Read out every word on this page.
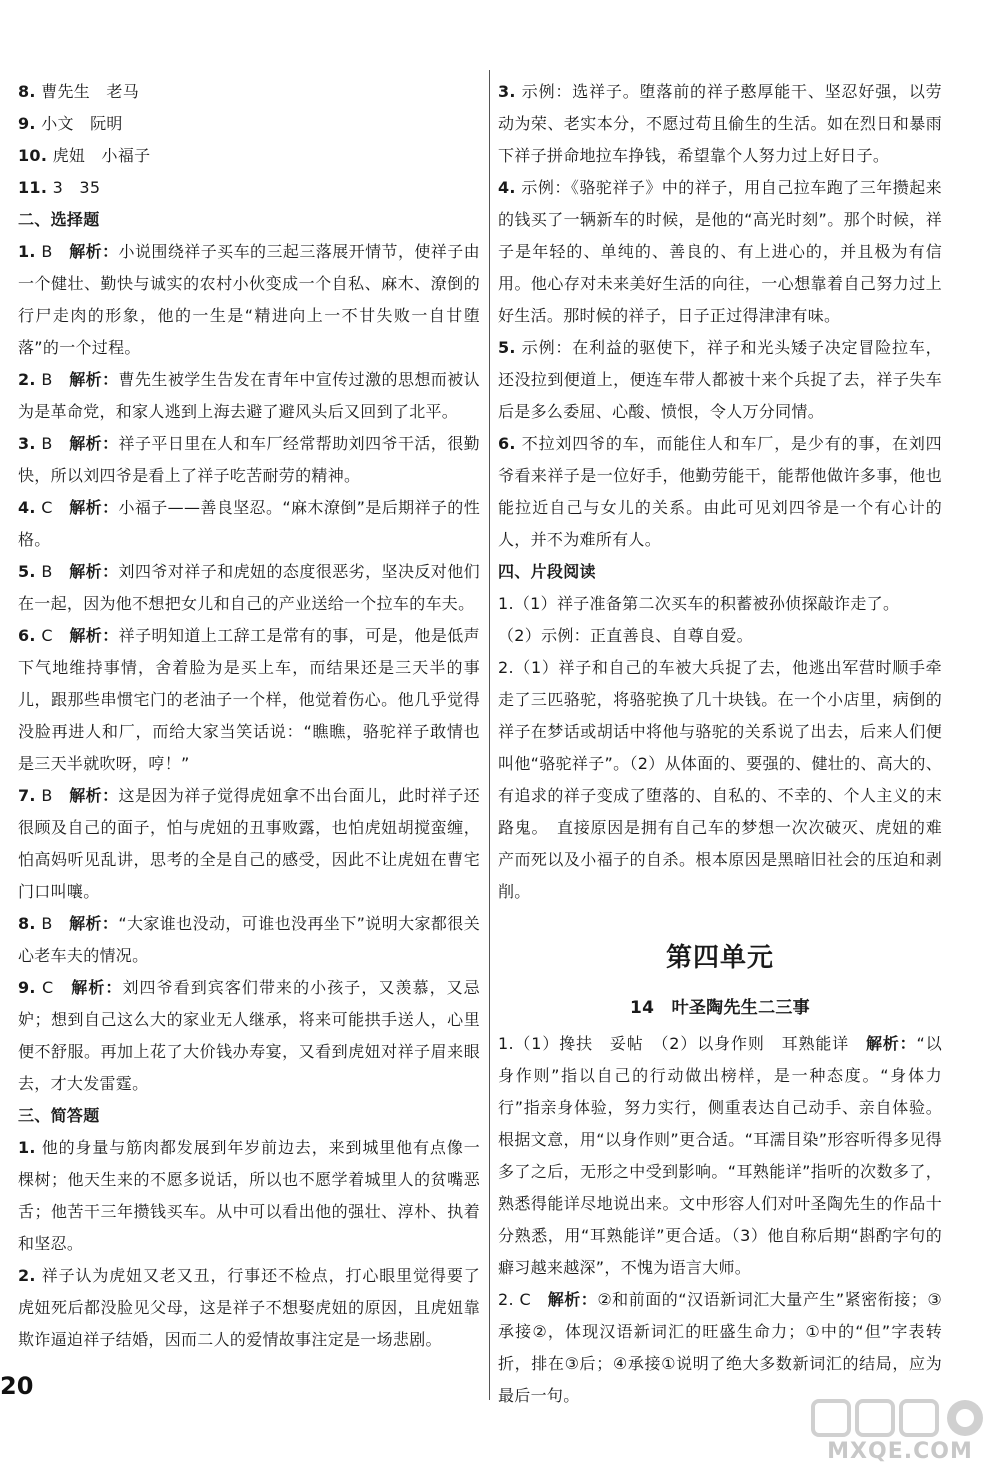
8. 曹先生　老马

9. 小文　阮明

10. 虎妞　小福子

11. 3　35

二、选择题

1. B　 解析：小说围绕祥子买车的三起三落展开情节，使祥子由一个健壮、勤快与诚实的农村小伙变成一个自私、麻木、潦倒的行尸走肉的形象，他的一生是“精进向上一不甘失败一自甘堕落”的一个过程。

2. B　 解析：曹先生被学生告发在青年中宣传过激的思想而被认为是革命党，和家人逃到上海去避了避风头后又回到了北平。

3. B　 解析：祥子平日里在人和车厂经常帮助刘四爷干活，很勤快，所以刘四爷是看上了祥子吃苦耐劳的精神。

4. C　 解析：小福子——善良坚忍。“麻木潦倒”是后期祥子的性格。

5. B　 解析：刘四爷对祥子和虎妞的态度很恶劣，坚决反对他们在一起，因为他不想把女儿和自己的产业送给一个拉车的车夫。

6. C　 解析：祥子明知道上工辞工是常有的事，可是，他是低声下气地维持事情，舍着脸为是买上车，而结果还是三天半的事儿，跟那些串惯宅门的老油子一个样，他觉着伤心。他几乎觉得没脸再进人和厂，而给大家当笑话说：“瞧瞧，骆驼祥子敢情也是三天半就吹呀，哼！”

7. B　 解析：这是因为祥子觉得虎妞拿不出台面儿，此时祥子还很顾及自己的面子，怕与虎妞的丑事败露，也怕虎妞胡搅蛮缠，怕高妈听见乱讲，思考的全是自己的感受，因此不让虎妞在曹宅门口叫嚷。

8. B　 解析：“大家谁也没动，可谁也没再坐下”说明大家都很关心老车夫的情况。

9. C　 解析：刘四爷看到宾客们带来的小孩子，又羡慕，又忌妒；想到自己这么大的家业无人继承，将来可能拱手送人，心里便不舒服。再加上花了大价钱办寿宴，又看到虎妞对祥子眉来眼去，才大发雷霆。

三、简答题

1. 他的身量与筋肉都发展到年岁前边去，来到城里他有点像一棵树；他天生来的不愿多说话，所以也不愿学着城里人的贫嘴恶舌；他苦干三年攒钱买车。从中可以看出他的强壮、淳朴、执着和坚忍。

2. 祥子认为虎妞又老又丑，行事还不检点，打心眼里觉得要了虎妞死后都没脸见父母，这是祥子不想娶虎妞的原因，且虎妞靠欺诈逼迫祥子结婚，因而二人的爱情故事注定是一场悲剧。

3. 示例：选祥子。堕落前的祥子憨厚能干、坚忍好强，以劳动为荣、老实本分，不愿过苟且偷生的生活。如在烈日和暴雨下祥子拼命地拉车挣钱，希望靠个人努力过上好日子。

4. 示例：《骆驼祥子》中的祥子，用自己拉车跑了三年攒起来的钱买了一辆新车的时候，是他的“高光时刻”。那个时候，祥子是年轻的、单纯的、善良的、有上进心的，并且极为有信用。他心存对未来美好生活的向往，一心想靠着自己努力过上好生活。那时候的祥子，日子正过得津津有味。

5. 示例：在利益的驱使下，祥子和光头矮子决定冒险拉车，还没拉到便道上，便连车带人都被十来个兵捉了去，祥子失车后是多么委屈、心酸、愤恨，令人万分同情。

6. 不拉刘四爷的车，而能住人和车厂，是少有的事，在刘四爷看来祥子是一位好手，他勤劳能干，能帮他做许多事，他也能拉近自己与女儿的关系。由此可见刘四爷是一个有心计的人，并不为难所有人。

四、片段阅读

1.（1）祥子准备第二次买车的积蓄被孙侦探敲诈走了。

（2）示例：正直善良、自尊自爱。

2.（1）祥子和自己的车被大兵捉了去，他逃出军营时顺手牵走了三匹骆驼，将骆驼换了几十块钱。在一个小店里，病倒的祥子在梦话或胡话中将他与骆驼的关系说了出去，后来人们便叫他“骆驼祥子”。（2）从体面的、要强的、健壮的、高大的、有追求的祥子变成了堕落的、自私的、不幸的、个人主义的末路鬼。　直接原因是拥有自己车的梦想一次次破灭、虎妞的难产而死以及小福子的自杀。根本原因是黑暗旧社会的压迫和剥削。

第四单元
14　叶圣陶先生二三事

1.（1）搀扶　妥帖　（2）以身作则　耳熟能详　解析：“以身作则”指以自己的行动做出榜样，是一种态度。“身体力行”指亲身体验，努力实行，侧重表达自己动手、亲自体验。根据文意，用“以身作则”更合适。“耳濡目染”形容听得多见得多了之后，无形之中受到影响。“耳熟能详”指听的次数多了，熟悉得能详尽地说出来。文中形容人们对叶圣陶先生的作品十分熟悉，用“耳熟能详”更合适。（3）他自称后期“斟酌字句的癖习越来越深”，不愧为语言大师。

2. C　解析：②和前面的“汉语新词汇大量产生”紧密衔接；③承接②，体现汉语新词汇的旺盛生命力；①中的“但”字表转折，排在③后；④承接①说明了绝大多数新词汇的结局，应为最后一句。

20
MXQE.COM
